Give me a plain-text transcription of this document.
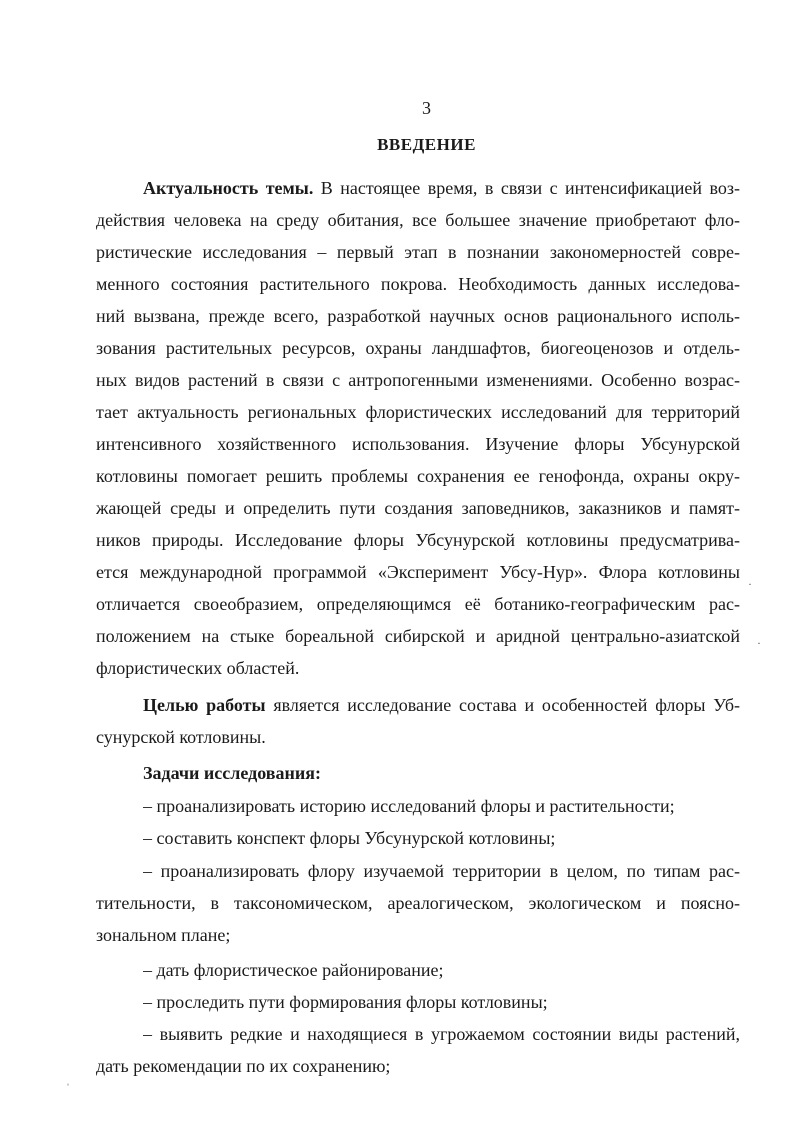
3
ВВЕДЕНИЕ
Актуальность темы. В настоящее время, в связи с интенсификацией воз-
действия человека на среду обитания, все большее значение приобретают фло-
ристические исследования – первый этап в познании закономерностей совре-
менного состояния растительного покрова. Необходимость данных исследова-
ний вызвана, прежде всего, разработкой научных основ рационального исполь-
зования растительных ресурсов, охраны ландшафтов, биогеоценозов и отдель-
ных видов растений в связи с антропогенными изменениями. Особенно возрас-
тает актуальность региональных флористических исследований для территорий
интенсивного хозяйственного использования. Изучение флоры Убсунурской
котловины помогает решить проблемы сохранения ее генофонда, охраны окру-
жающей среды и определить пути создания заповедников, заказников и памят-
ников природы. Исследование флоры Убсунурской котловины предусматрива-
ется международной программой «Эксперимент Убсу-Нур». Флора котловины
отличается своеобразием, определяющимся её ботанико-географическим рас-
положением на стыке бореальной сибирской и аридной центрально-азиатской
флористических областей.
Целью работы является исследование состава и особенностей флоры Уб-
сунурской котловины.
Задачи исследования:
– проанализировать историю исследований флоры и растительности;
– составить конспект флоры Убсунурской котловины;
– проанализировать флору изучаемой территории в целом, по типам рас-
тительности, в таксономическом, ареалогическом, экологическом и поясно-
зональном плане;
– дать флористическое районирование;
– проследить пути формирования флоры котловины;
– выявить редкие и находящиеся в угрожаемом состоянии виды растений,
дать рекомендации по их сохранению;
·
·
ˌ
